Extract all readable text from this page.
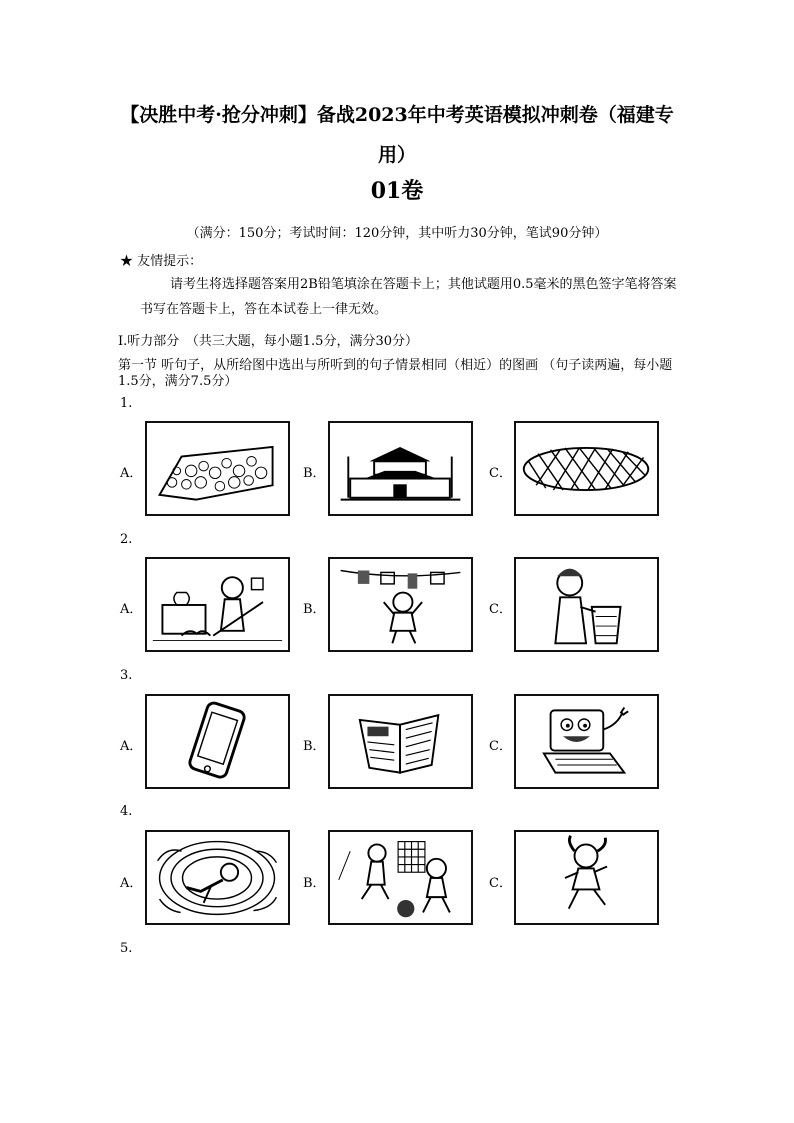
【决胜中考·抢分冲刺】备战2023年中考英语模拟冲刺卷（福建专用）
01卷
（满分：150分；考试时间：120分钟，其中听力30分钟，笔试90分钟）
★ 友情提示：
请考生将选择题答案用2B铅笔填涂在答题卡上；其他试题用0.5毫米的黑色签字笔将答案书写在答题卡上，答在本试卷上一律无效。
I.听力部分　（共三大题，每小题1.5分，满分30分）
第一节 听句子，从所给图中选出与所听到的句子情景相同（相近）的图画 （句子读两遍，每小题1.5分，满分7.5分）
1.
A．	B．	C．
2.
A．	B．	C．
3.
A．	B．	C．
4.
A．	B．	C．
5.
